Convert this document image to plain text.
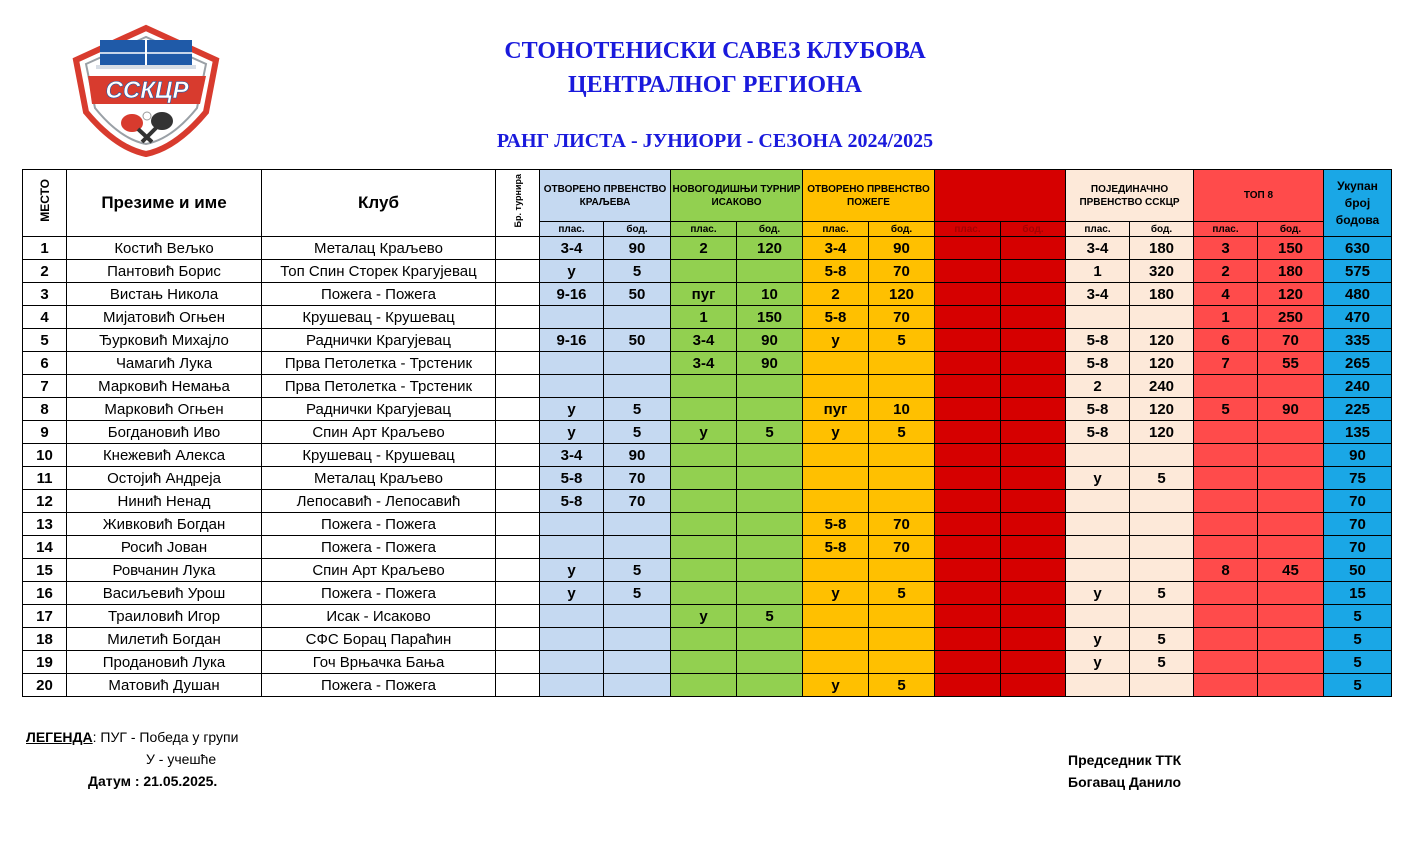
ССКЦР
СТОНОТЕНИСКИ САВЕЗ КЛУБОВА
ЦЕНТРАЛНОГ РЕГИОНА
РАНГ ЛИСТА - ЈУНИОРИ - СЕЗОНА 2024/2025
МЕСТО	Презиме и име	Клуб	Бр. турнира	ОТВОРЕНО ПРВЕНСТВО КРАЉЕВА		НОВОГОДИШЊИ ТУРНИР ИСАКОВО		ОТВОРЕНО ПРВЕНСТВО ПОЖЕГЕ				ПОЈЕДИНАЧНО ПРВЕНСТВО ССКЦР		ТОП 8		Укупан број бодова
				плас.	бод.	плас.	бод.	плас.	бод.	плас.	бод.	плас.	бод.	плас.	бод.	
1	Костић Вељко	Металац Краљево		3-4	90	2	120	3-4	90			3-4	180	3	150	630
2	Пантовић Борис	Топ Спин Сторек Крагујевац		у	5			5-8	70			1	320	2	180	575
3	Вистањ Никола	Пожега - Пожега		9-16	50	пуг	10	2	120			3-4	180	4	120	480
4	Мијатовић Огњен	Крушевац - Крушевац				1	150	5-8	70					1	250	470
5	Ђурковић Михајло	Раднички Крагујевац		9-16	50	3-4	90	у	5			5-8	120	6	70	335
6	Чамагић Лука	Прва Петолетка - Трстеник				3-4	90					5-8	120	7	55	265
7	Марковић Немања	Прва Петолетка - Трстеник										2	240			240
8	Марковић Огњен	Раднички Крагујевац		у	5			пуг	10			5-8	120	5	90	225
9	Богдановић Иво	Спин Арт Краљево		у	5	у	5	у	5			5-8	120			135
10	Кнежевић Алекса	Крушевац - Крушевац		3-4	90											90
11	Остојић Андреја	Металац Краљево		5-8	70							у	5			75
12	Нинић Ненад	Лепосавић - Лепосавић		5-8	70											70
13	Живковић Богдан	Пожега - Пожега						5-8	70							70
14	Росић Јован	Пожега - Пожега						5-8	70							70
15	Ровчанин Лука	Спин Арт Краљево		у	5									8	45	50
16	Васиљевић Урош	Пожега - Пожега		у	5			у	5			у	5			15
17	Траиловић Игор	Исак - Исаково				у	5									5
18	Милетић Богдан	СФС Борац Параћин										у	5			5
19	Продановић Лука	Гоч Врњачка Бања										у	5			5
20	Матовић Душан	Пожега - Пожега						у	5							5
ЛЕГЕНДА: ПУГ - Победа у групи
У - учешће
Датум : 21.05.2025.
Председник ТТК
Богавац Данило
